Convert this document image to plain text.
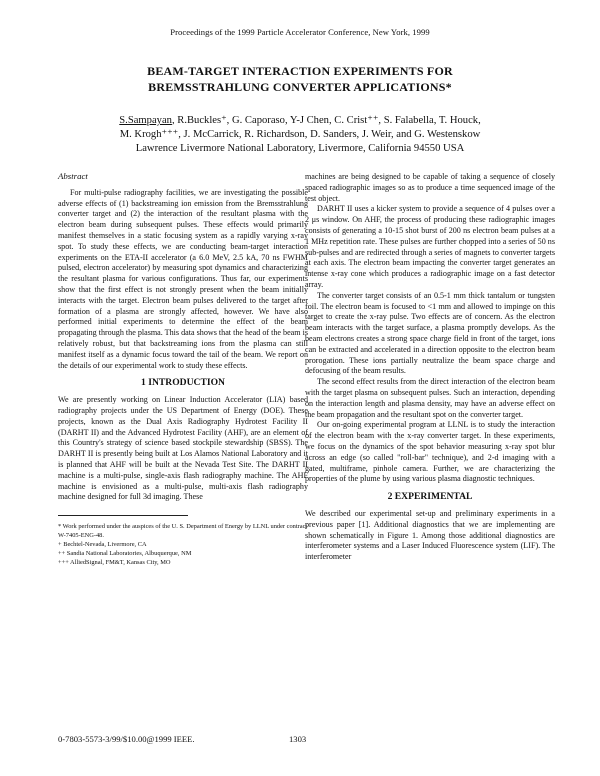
Proceedings of the 1999 Particle Accelerator Conference, New York, 1999
BEAM-TARGET INTERACTION EXPERIMENTS FOR
BREMSSTRAHLUNG CONVERTER APPLICATIONS*
S.Sampayan, R.Buckles⁺, G. Caporaso, Y-J Chen, C. Crist⁺⁺, S. Falabella, T. Houck,
M. Krogh⁺⁺⁺, J. McCarrick, R. Richardson, D. Sanders, J. Weir, and G. Westenskow
Lawrence Livermore National Laboratory, Livermore, California 94550 USA

Abstract

For multi-pulse radiography facilities, we are investigating the possible adverse effects of (1) backstreaming ion emission from the Bremsstrahlung converter target and (2) the interaction of the resultant plasma with the electron beam during subsequent pulses. These effects would primarily manifest themselves in a static focusing system as a rapidly varying x-ray spot. To study these effects, we are conducting beam-target interaction experiments on the ETA-II accelerator (a 6.0 MeV, 2.5 kA, 70 ns FWHM pulsed, electron accelerator) by measuring spot dynamics and characterizing the resultant plasma for various configurations. Thus far, our experiments show that the first effect is not strongly present when the beam initially interacts with the target. Electron beam pulses delivered to the target after formation of a plasma are strongly affected, however. We have also performed initial experiments to determine the effect of the beam propagating through the plasma. This data shows that the head of the beam is relatively robust, but that backstreaming ions from the plasma can still manifest itself as a dynamic focus toward the tail of the beam. We report on the details of our experimental work to study these effects.

1 INTRODUCTION

We are presently working on Linear Induction Accelerator (LIA) based radiography projects under the US Department of Energy (DOE). These projects, known as the Dual Axis Radiography Hydrotest Facility II (DARHT II) and the Advanced Hydrotest Facility (AHF), are an element of this Country's strategy of science based stockpile stewardship (SBSS). The DARHT II is presently being built at Los Alamos National Laboratory and it is planned that AHF will be built at the Nevada Test Site. The DARHT II machine is a multi-pulse, single-axis flash radiography machine. The AHF machine is envisioned as a multi-pulse, multi-axis flash radiography machine designed for full 3d imaging. These

* Work performed under the auspices of the U. S. Department of Energy by LLNL under contract W-7405-ENG-48.

+ Bechtel-Nevada, Livermore, CA

++ Sandia National Laboratories, Albuquerque, NM

+++ AlliedSignal, FM&T, Kansas City, MO

machines are being designed to be capable of taking a sequence of closely spaced radiographic images so as to produce a time sequenced image of the test object.

DARHT II uses a kicker system to provide a sequence of 4 pulses over a 2 μs window. On AHF, the process of producing these radiographic images consists of generating a 10-15 shot burst of 200 ns electron beam pulses at a 1 MHz repetition rate. These pulses are further chopped into a series of 50 ns sub-pulses and are redirected through a series of magnets to converter targets at each axis. The electron beam impacting the converter target generates an intense x-ray cone which produces a radiographic image on a fast detector array.

The converter target consists of an 0.5-1 mm thick tantalum or tungsten foil. The electron beam is focused to <1 mm and allowed to impinge on this target to create the x-ray pulse. Two effects are of concern. As the electron beam interacts with the target surface, a plasma promptly develops. As the beam electrons creates a strong space charge field in front of the target, ions can be extracted and accelerated in a direction opposite to the electron beam prorogation. These ions partially neutralize the beam space charge and defocusing of the beam results.

The second effect results from the direct interaction of the electron beam with the target plasma on subsequent pulses. Such an interaction, depending on the interaction length and plasma density, may have an adverse effect on the beam propagation and the resultant spot on the converter target.

Our on-going experimental program at LLNL is to study the interaction of the electron beam with the x-ray converter target. In these experiments, we focus on the dynamics of the spot behavior measuring x-ray spot blur across an edge (so called "roll-bar" technique), and 2-d imaging with a gated, multiframe, pinhole camera. Further, we are characterizing the properties of the plume by using various plasma diagnostic techniques.

2 EXPERIMENTAL

We described our experimental set-up and preliminary experiments in a previous paper [1]. Additional diagnostics that we are implementing are shown schematically in Figure 1. Among those additional diagnostics are interferometer systems and a Laser Induced Fluorescence system (LIF). The interferometer

0-7803-5573-3/99/$10.00@1999 IEEE.	1303
